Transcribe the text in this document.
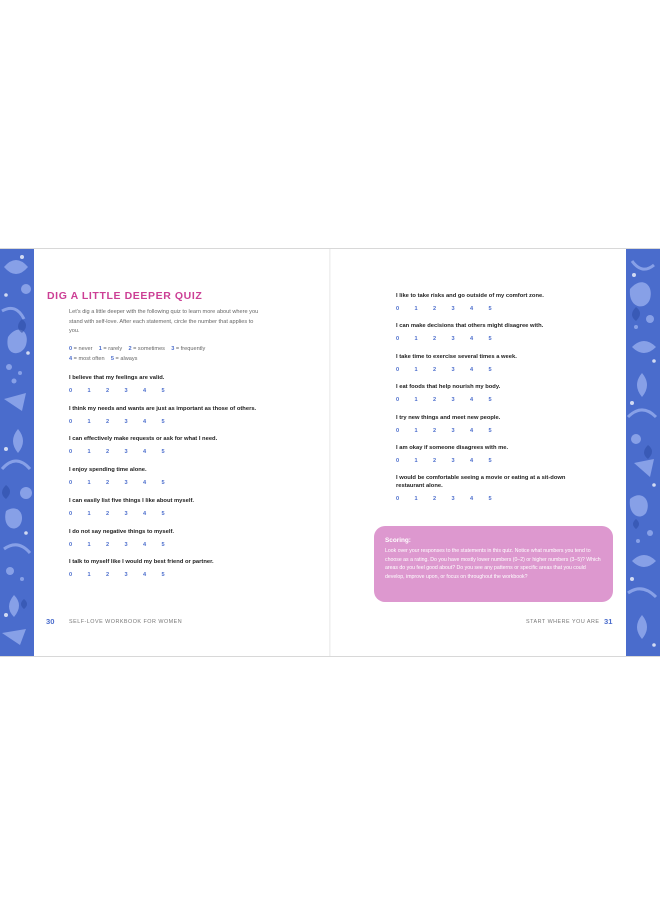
DIG A LITTLE DEEPER QUIZ
Let's dig a little deeper with the following quiz to learn more about where you stand with self-love. After each statement, circle the number that applies to you.
0 = never 1 = rarely 2 = sometimes 3 = frequently
4 = most often 5 = always
I believe that my feelings are valid.
0	1	2	3	4	5
I think my needs and wants are just as important as those of others.
0	1	2	3	4	5
I can effectively make requests or ask for what I need.
0	1	2	3	4	5
I enjoy spending time alone.
0	1	2	3	4	5
I can easily list five things I like about myself.
0	1	2	3	4	5
I do not say negative things to myself.
0	1	2	3	4	5
I talk to myself like I would my best friend or partner.
0	1	2	3	4	5
I like to take risks and go outside of my comfort zone.
0	1	2	3	4	5
I can make decisions that others might disagree with.
0	1	2	3	4	5
I take time to exercise several times a week.
0	1	2	3	4	5
I eat foods that help nourish my body.
0	1	2	3	4	5
I try new things and meet new people.
0	1	2	3	4	5
I am okay if someone disagrees with me.
0	1	2	3	4	5
I would be comfortable seeing a movie or eating at a sit-down restaurant alone.
0	1	2	3	4	5
Scoring:
Look over your responses to the statements in this quiz. Notice what numbers you tend to choose as a rating. Do you have mostly lower numbers (0–2) or higher numbers (3–5)? Which areas do you feel good about? Do you see any patterns or specific areas that you could develop, improve upon, or focus on throughout the workbook?
30	SELF-LOVE WORKBOOK FOR WOMEN	START WHERE YOU ARE 31
